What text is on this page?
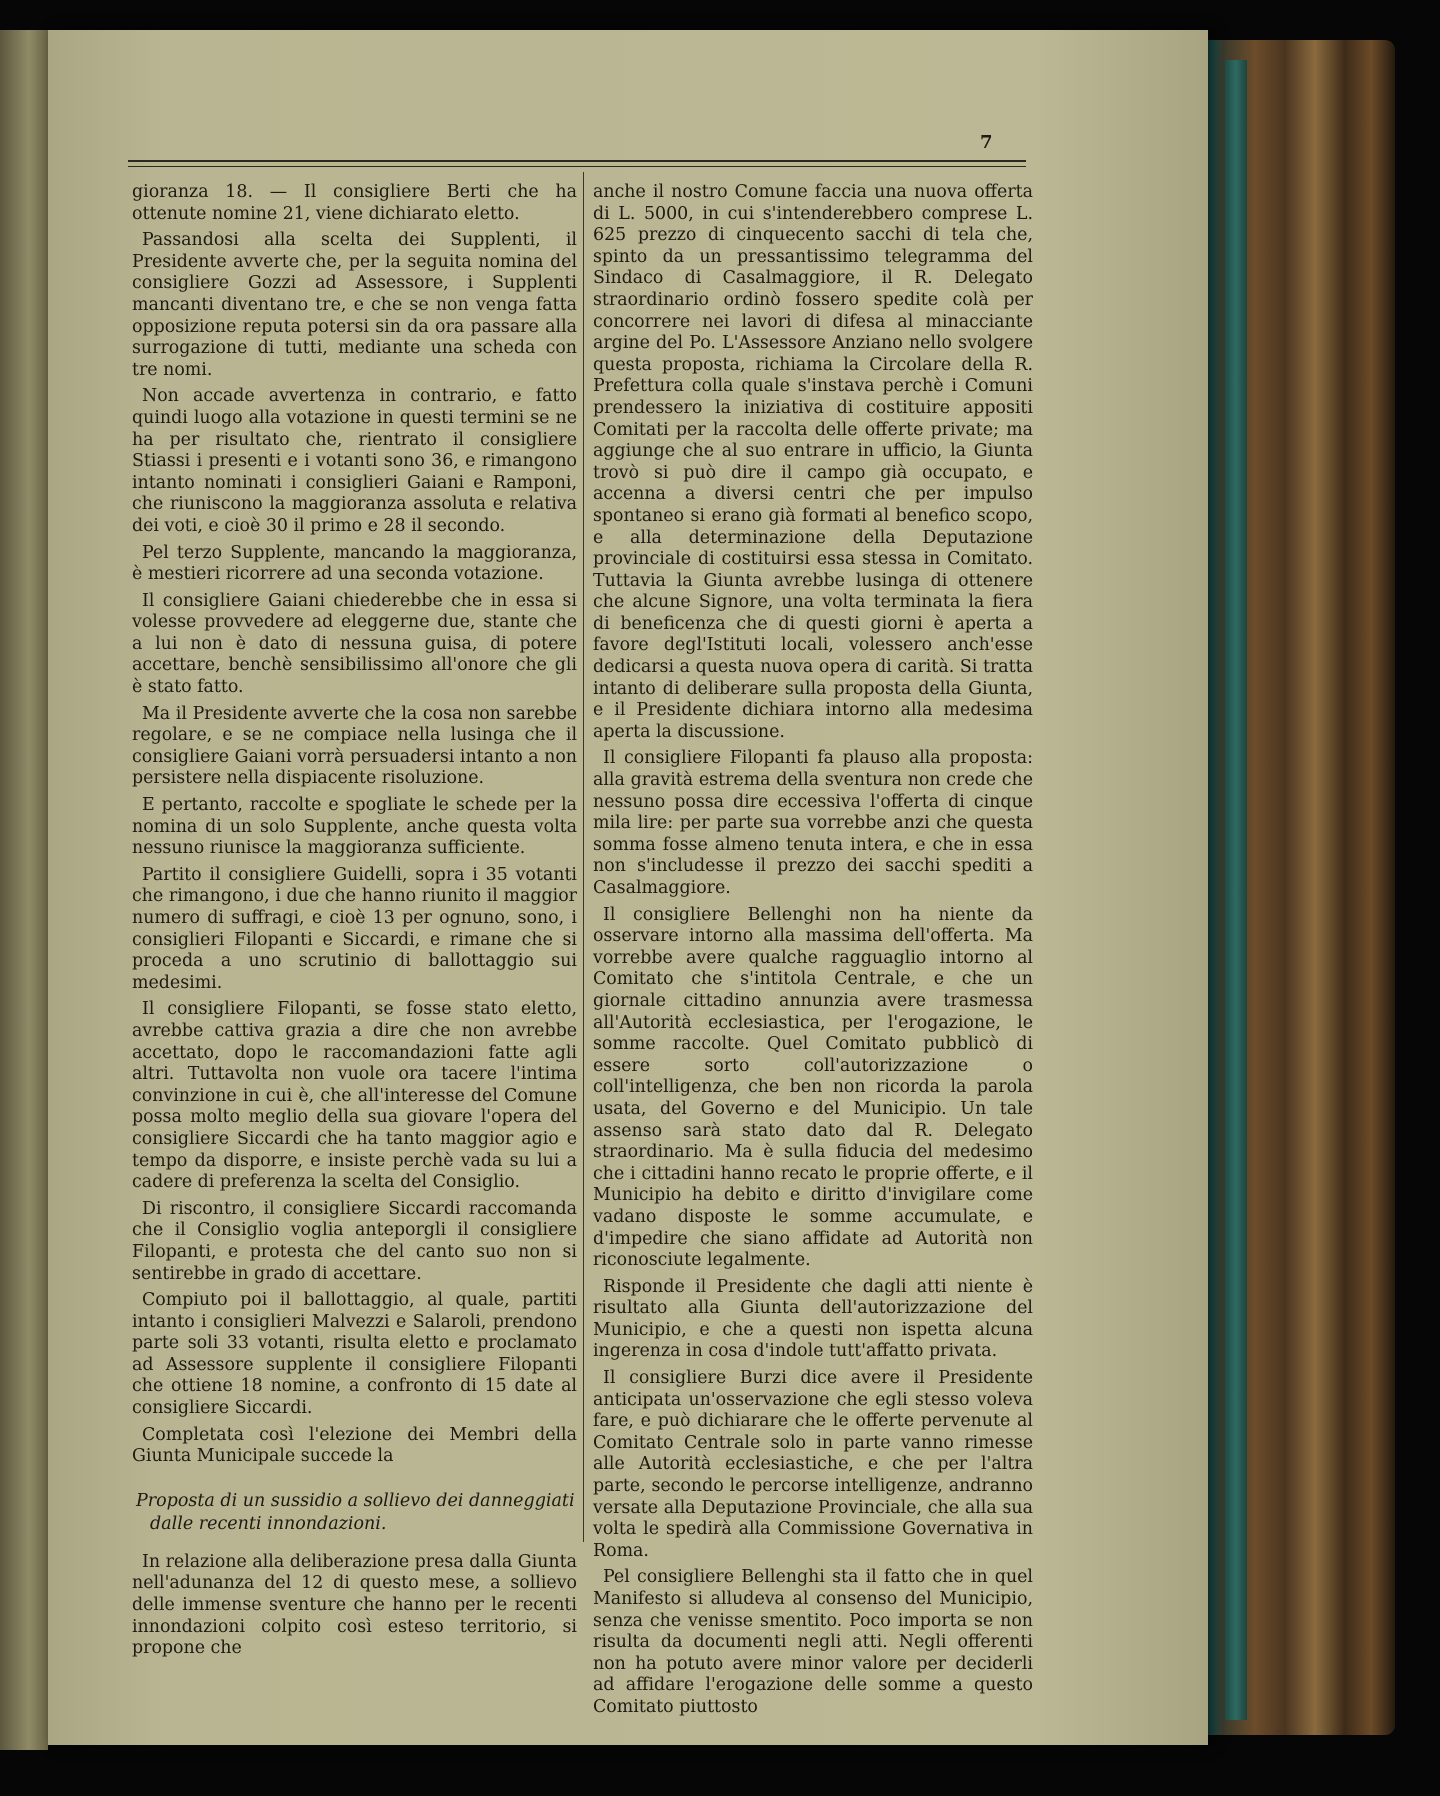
7

gioranza 18. — Il consigliere Berti che ha ottenute nomine 21, viene dichiarato eletto.

Passandosi alla scelta dei Supplenti, il Presidente avverte che, per la seguita nomina del consigliere Gozzi ad Assessore, i Supplenti mancanti diventano tre, e che se non venga fatta opposizione reputa potersi sin da ora passare alla surrogazione di tutti, mediante una scheda con tre nomi.

Non accade avvertenza in contrario, e fatto quindi luogo alla votazione in questi termini se ne ha per risultato che, rientrato il consigliere Stiassi i presenti e i votanti sono 36, e rimangono intanto nominati i consiglieri Gaiani e Ramponi, che riuniscono la maggioranza assoluta e relativa dei voti, e cioè 30 il primo e 28 il secondo.

Pel terzo Supplente, mancando la maggioranza, è mestieri ricorrere ad una seconda votazione.

Il consigliere Gaiani chiederebbe che in essa si volesse provvedere ad eleggerne due, stante che a lui non è dato di nessuna guisa, di potere accettare, benchè sensibilissimo all'onore che gli è stato fatto.

Ma il Presidente avverte che la cosa non sarebbe regolare, e se ne compiace nella lusinga che il consigliere Gaiani vorrà persuadersi intanto a non persistere nella dispiacente risoluzione.

E pertanto, raccolte e spogliate le schede per la nomina di un solo Supplente, anche questa volta nessuno riunisce la maggioranza sufficiente.

Partito il consigliere Guidelli, sopra i 35 votanti che rimangono, i due che hanno riunito il maggior numero di suffragi, e cioè 13 per ognuno, sono, i consiglieri Filopanti e Siccardi, e rimane che si proceda a uno scrutinio di ballottaggio sui medesimi.

Il consigliere Filopanti, se fosse stato eletto, avrebbe cattiva grazia a dire che non avrebbe accettato, dopo le raccomandazioni fatte agli altri. Tuttavolta non vuole ora tacere l'intima convinzione in cui è, che all'interesse del Comune possa molto meglio della sua giovare l'opera del consigliere Siccardi che ha tanto maggior agio e tempo da disporre, e insiste perchè vada su lui a cadere di preferenza la scelta del Consiglio.

Di riscontro, il consigliere Siccardi raccomanda che il Consiglio voglia anteporgli il consigliere Filopanti, e protesta che del canto suo non si sentirebbe in grado di accettare.

Compiuto poi il ballottaggio, al quale, partiti intanto i consiglieri Malvezzi e Salaroli, prendono parte soli 33 votanti, risulta eletto e proclamato ad Assessore supplente il consigliere Filopanti che ottiene 18 nomine, a confronto di 15 date al consigliere Siccardi.

Completata così l'elezione dei Membri della Giunta Municipale succede la

Proposta di un sussidio a sollievo dei danneggiati
dalle recenti innondazioni.

In relazione alla deliberazione presa dalla Giunta nell'adunanza del 12 di questo mese, a sollievo delle immense sventure che hanno per le recenti innondazioni colpito così esteso territorio, si propone che

anche il nostro Comune faccia una nuova offerta di L. 5000, in cui s'intenderebbero comprese L. 625 prezzo di cinquecento sacchi di tela che, spinto da un pressantissimo telegramma del Sindaco di Casalmaggiore, il R. Delegato straordinario ordinò fossero spedite colà per concorrere nei lavori di difesa al minacciante argine del Po. L'Assessore Anziano nello svolgere questa proposta, richiama la Circolare della R. Prefettura colla quale s'instava perchè i Comuni prendessero la iniziativa di costituire appositi Comitati per la raccolta delle offerte private; ma aggiunge che al suo entrare in ufficio, la Giunta trovò si può dire il campo già occupato, e accenna a diversi centri che per impulso spontaneo si erano già formati al benefico scopo, e alla determinazione della Deputazione provinciale di costituirsi essa stessa in Comitato. Tuttavia la Giunta avrebbe lusinga di ottenere che alcune Signore, una volta terminata la fiera di beneficenza che di questi giorni è aperta a favore degl'Istituti locali, volessero anch'esse dedicarsi a questa nuova opera di carità. Si tratta intanto di deliberare sulla proposta della Giunta, e il Presidente dichiara intorno alla medesima aperta la discussione.

Il consigliere Filopanti fa plauso alla proposta: alla gravità estrema della sventura non crede che nessuno possa dire eccessiva l'offerta di cinque mila lire: per parte sua vorrebbe anzi che questa somma fosse almeno tenuta intera, e che in essa non s'includesse il prezzo dei sacchi spediti a Casalmaggiore.

Il consigliere Bellenghi non ha niente da osservare intorno alla massima dell'offerta. Ma vorrebbe avere qualche ragguaglio intorno al Comitato che s'intitola Centrale, e che un giornale cittadino annunzia avere trasmessa all'Autorità ecclesiastica, per l'erogazione, le somme raccolte. Quel Comitato pubblicò di essere sorto coll'autorizzazione o coll'intelligenza, che ben non ricorda la parola usata, del Governo e del Municipio. Un tale assenso sarà stato dato dal R. Delegato straordinario. Ma è sulla fiducia del medesimo che i cittadini hanno recato le proprie offerte, e il Municipio ha debito e diritto d'invigilare come vadano disposte le somme accumulate, e d'impedire che siano affidate ad Autorità non riconosciute legalmente.

Risponde il Presidente che dagli atti niente è risultato alla Giunta dell'autorizzazione del Municipio, e che a questi non ispetta alcuna ingerenza in cosa d'indole tutt'affatto privata.

Il consigliere Burzi dice avere il Presidente anticipata un'osservazione che egli stesso voleva fare, e può dichiarare che le offerte pervenute al Comitato Centrale solo in parte vanno rimesse alle Autorità ecclesiastiche, e che per l'altra parte, secondo le percorse intelligenze, andranno versate alla Deputazione Provinciale, che alla sua volta le spedirà alla Commissione Governativa in Roma.

Pel consigliere Bellenghi sta il fatto che in quel Manifesto si alludeva al consenso del Municipio, senza che venisse smentito. Poco importa se non risulta da documenti negli atti. Negli offerenti non ha potuto avere minor valore per deciderli ad affidare l'erogazione delle somme a questo Comitato piuttosto
